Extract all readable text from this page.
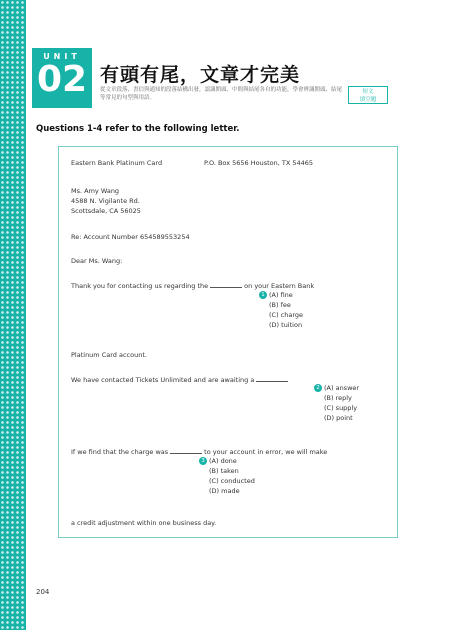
UNIT
02 有頭有尾，文章才完美
從文章段落、書信與通知的段落結構出發，認識開頭、中間與結尾各自的功能，學會辨識開頭、結尾等常見的句型與用語。
短文
填空題
Questions 1-4 refer to the following letter.
Eastern Bank Platinum Card	P.O. Box 5656 Houston, TX 54465
Ms. Amy Wang
4588 N. Vigilante Rd.
Scottsdale, CA 56025
Re: Account Number 654589553254
Dear Ms. Wang:
Thank you for contacting us regarding the	on your Eastern Bank
1 (A) fine
(B) fee
(C) charge
(D) tuition
Platinum Card account.
We have contacted Tickets Unlimited and are awaiting a
2 (A) answer
(B) reply
(C) supply
(D) point
If we find that the charge was	to your account in error, we will make
3 (A) done
(B) taken
(C) conducted
(D) made
a credit adjustment within one business day.
204
